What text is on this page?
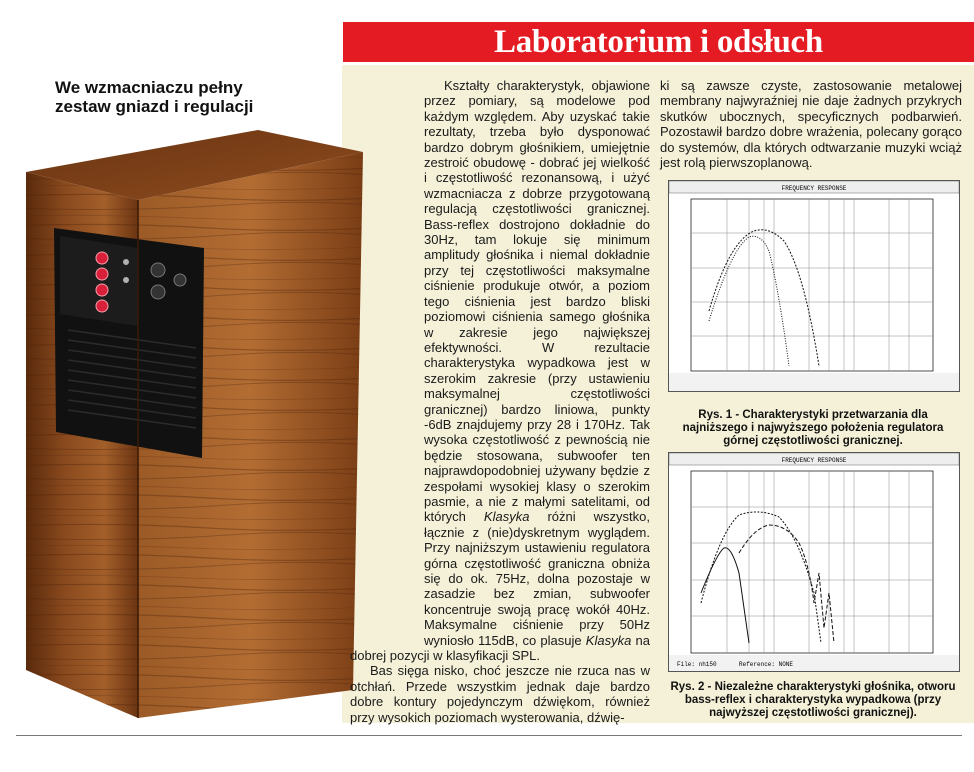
Laboratorium i odsłuch
We wzmacniaczu pełny zestaw gniazd i regulacji

Kształty charakterystyk, objawione przez pomiary, są modelowe pod każdym względem. Aby uzyskać takie rezultaty, trzeba było dysponować bardzo dobrym głośnikiem, umiejętnie zestroić obudowę - dobrać jej wielkość i częstotliwość rezonansową, i użyć wzmacniacza z dobrze przygotowaną regulacją częstotliwości granicznej. Bass-reflex dostrojono dokładnie do 30Hz, tam lokuje się minimum amplitudy głośnika i niemal dokładnie przy tej częstotliwości maksymalne ciśnienie produkuje otwór, a poziom tego ciśnienia jest bardzo bliski poziomowi ciśnienia samego głośnika w zakresie jego największej efektywności. W rezultacie charakterystyka wypadkowa jest w szerokim zakresie (przy ustawieniu maksymalnej częstotliwości granicznej) bardzo liniowa, punkty -6dB znajdujemy przy 28 i 170Hz. Tak wysoka częstotliwość z pewnością nie będzie stosowana, subwoofer ten najprawdopodobniej używany będzie z zespołami wysokiej klasy o szerokim pasmie, a nie z małymi satelitami, od których Klasyka różni wszystko, łącznie z (nie)dyskretnym wyglądem. Przy najniższym ustawieniu regulatora górna częstotliwość graniczna obniża się do ok. 75Hz, dolna pozostaje w zasadzie bez zmian, subwoofer koncentruje swoją pracę wokół 40Hz. Maksymalne ciśnienie przy 50Hz wyniosło 115dB, co plasuje Klasyka na dobrej pozycji w klasyfikacji SPL.

Bas sięga nisko, choć jeszcze nie rzuca nas w otchłań. Przede wszystkim jednak daje bardzo dobre kontury pojedynczym dźwiękom, również przy wysokich poziomach wysterowania, dźwię-

ki są zawsze czyste, zastosowanie metalowej membrany najwyraźniej nie daje żadnych przykrych skutków ubocznych, specyficznych podbarwień. Pozostawił bardzo dobre wrażenia, polecany gorąco do systemów, dla których odtwarzanie muzyki wciąż jest rolą pierwszoplanową.

FREQUENCY RESPONSE
Rys. 1 - Charakterystyki przetwarzania dla najniższego i najwyższego położenia regulatora górnej częstotliwości granicznej.
FREQUENCY RESPONSE
File: nh150	Reference: NONE
Rys. 2 - Niezależne charakterystyki głośnika, otworu bass-reflex i charakterystyka wypadkowa (przy najwyższej częstotliwości granicznej).
